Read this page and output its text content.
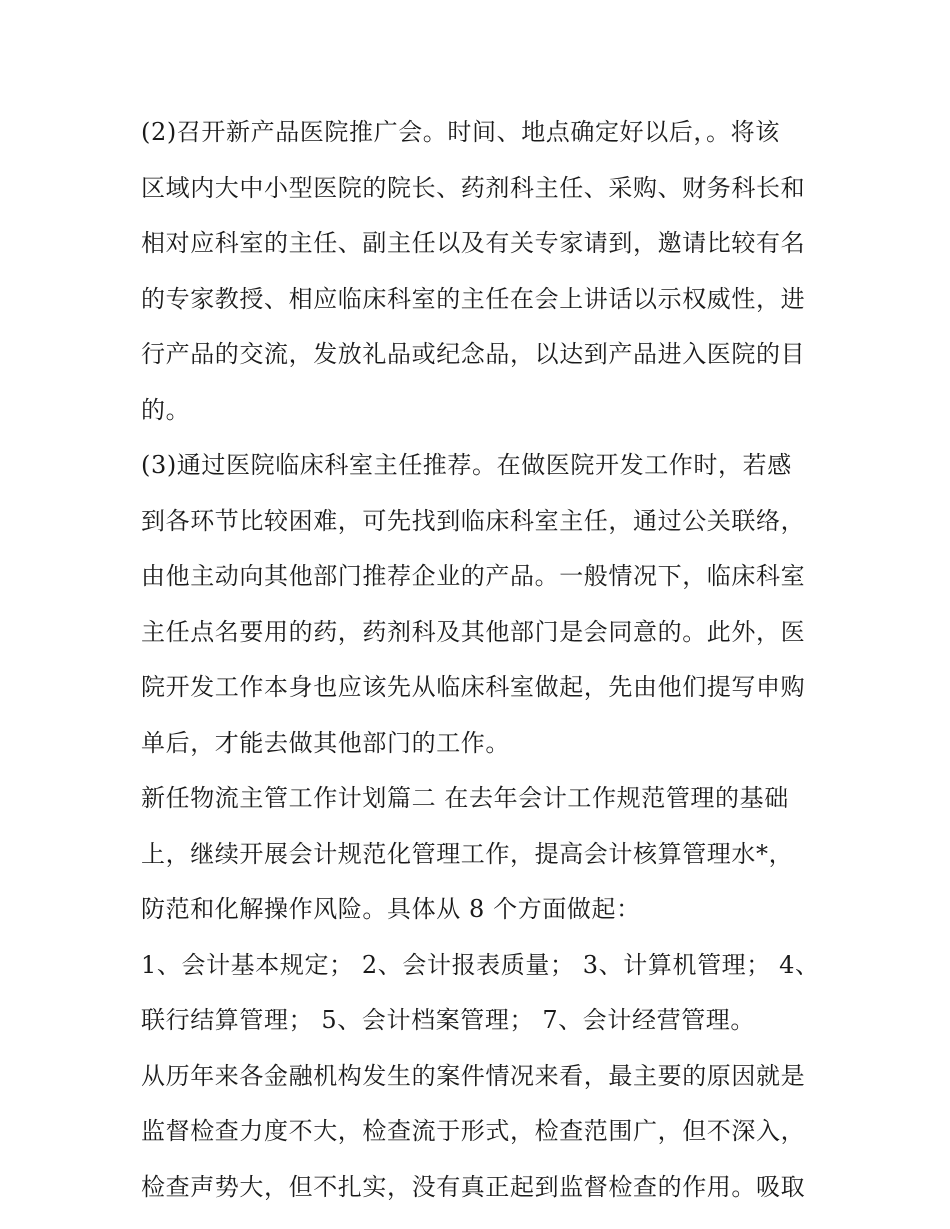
(2)召开新产品医院推广会。时间、地点确定好以后，。将该
区域内大中小型医院的院长、药剂科主任、采购、财务科长和
相对应科室的主任、副主任以及有关专家请到，邀请比较有名
的专家教授、相应临床科室的主任在会上讲话以示权威性，进
行产品的交流，发放礼品或纪念品，以达到产品进入医院的目
的。
(3)通过医院临床科室主任推荐。在做医院开发工作时，若感
到各环节比较困难，可先找到临床科室主任，通过公关联络，
由他主动向其他部门推荐企业的产品。一般情况下，临床科室
主任点名要用的药，药剂科及其他部门是会同意的。此外，医
院开发工作本身也应该先从临床科室做起，先由他们提写申购
单后，才能去做其他部门的工作。
新任物流主管工作计划篇二 在去年会计工作规范管理的基础
上，继续开展会计规范化管理工作，提高会计核算管理水*，
防范和化解操作风险。具体从 8 个方面做起：
1、会计基本规定； 2、会计报表质量； 3、计算机管理； 4、
联行结算管理； 5、会计档案管理； 7、会计经营管理。
从历年来各金融机构发生的案件情况来看，最主要的原因就是
监督检查力度不大，检查流于形式，检查范围广，但不深入，
检查声势大，但不扎实，没有真正起到监督检查的作用。吸取
